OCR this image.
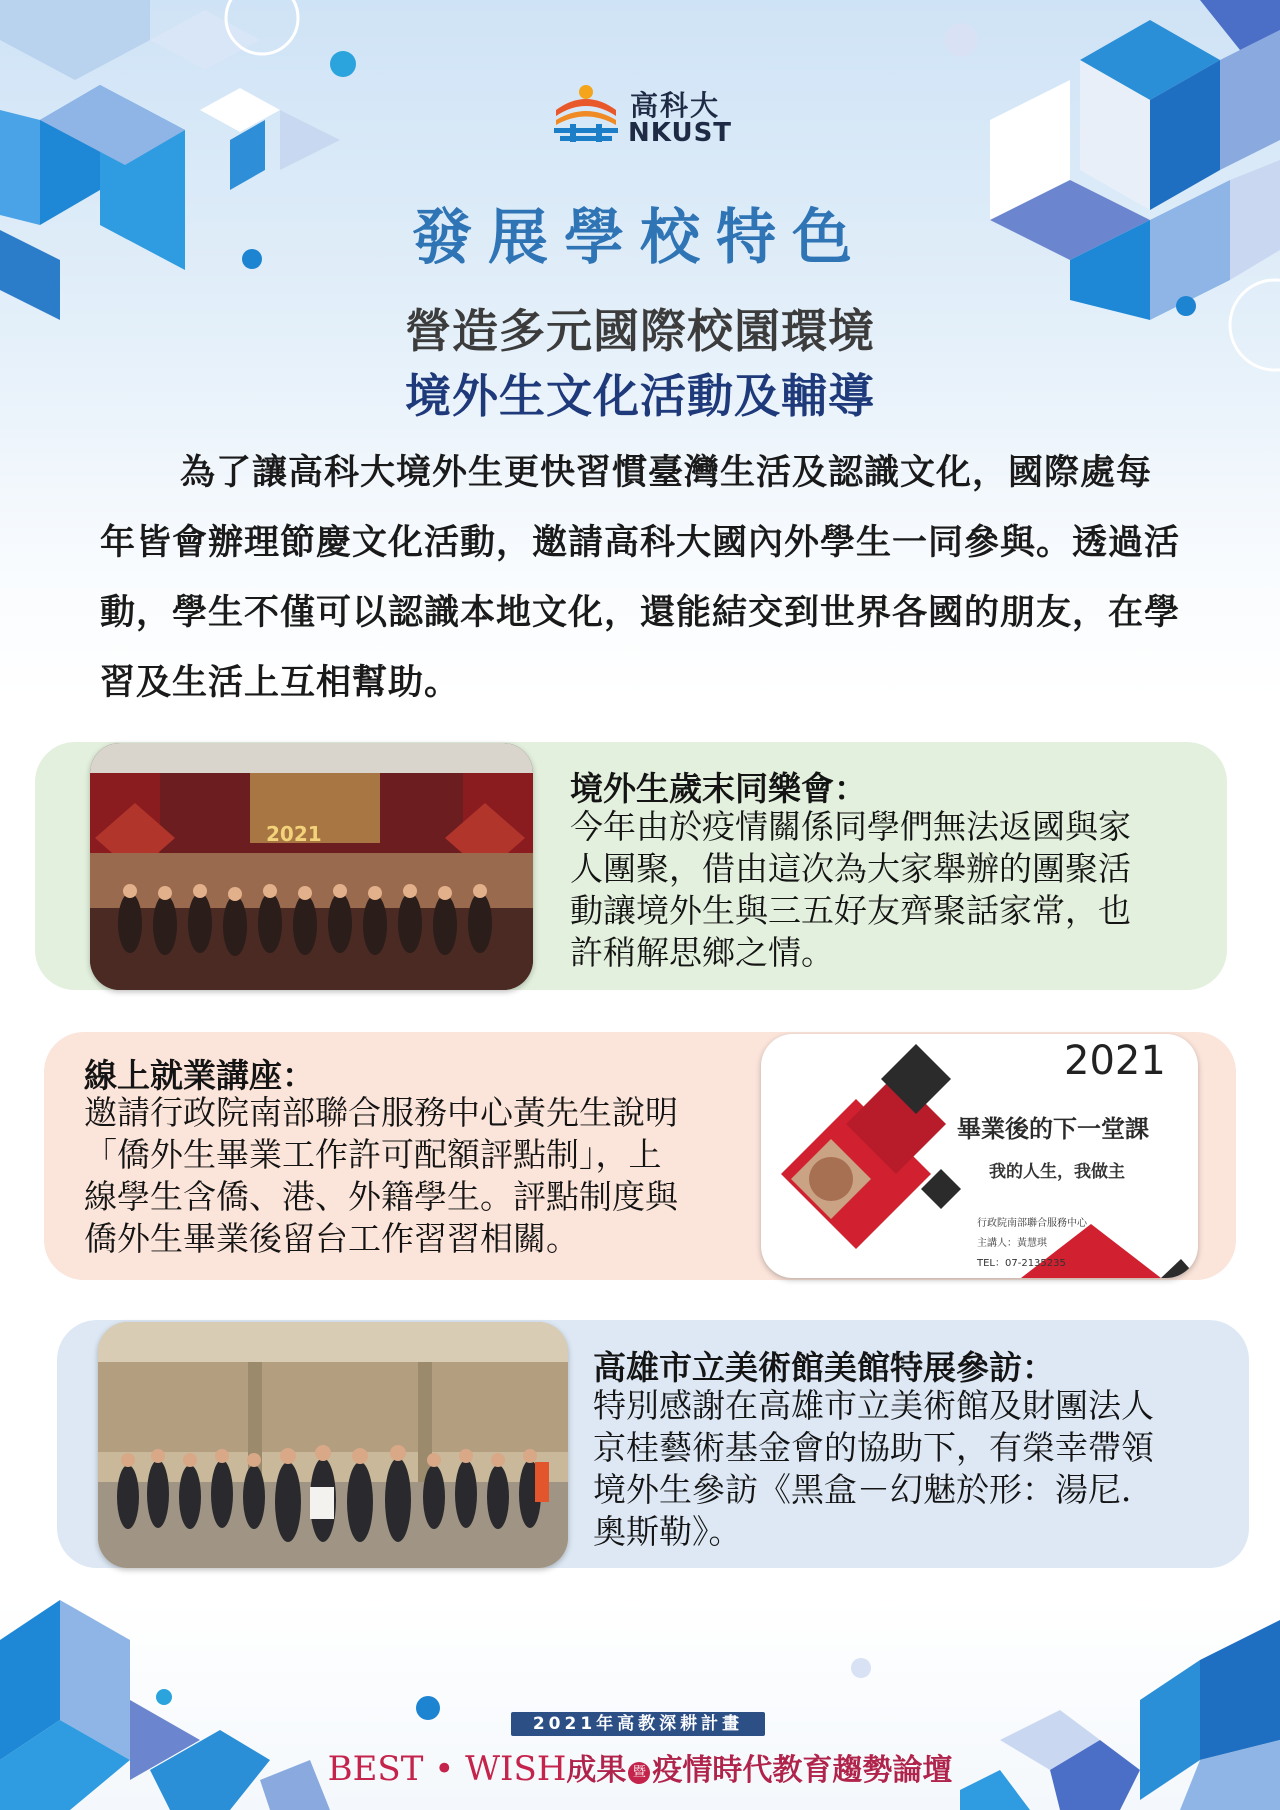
高科大
NKUST
發展學校特色
營造多元國際校園環境
境外生文化活動及輔導
為了讓高科大境外生更快習慣臺灣生活及認識文化，國際處每年皆會辦理節慶文化活動，邀請高科大國內外學生一同參與。透過活動，學生不僅可以認識本地文化，還能結交到世界各國的朋友，在學習及生活上互相幫助。
2021
境外生歲末同樂會：
今年由於疫情關係同學們無法返國與家
人團聚，借由這次為大家舉辦的團聚活
動讓境外生與三五好友齊聚話家常，也
許稍解思鄉之情。
線上就業講座：
邀請行政院南部聯合服務中心黃先生說明
「僑外生畢業工作許可配額評點制」，上
線學生含僑、港、外籍學生。評點制度與
僑外生畢業後留台工作習習相關。
2021
畢業後的下一堂課
我的人生，我做主
行政院南部聯合服務中心
主講人：黃慧琪
TEL：07-2135235
高雄市立美術館美館特展參訪：
特別感謝在高雄市立美術館及財團法人
京桂藝術基金會的協助下，有榮幸帶領
境外生參訪《黑盒－幻魅於形：湯尼．
奧斯勒》。
2021年高教深耕計畫
BEST • WISH成果 暨 疫情時代教育趨勢論壇
